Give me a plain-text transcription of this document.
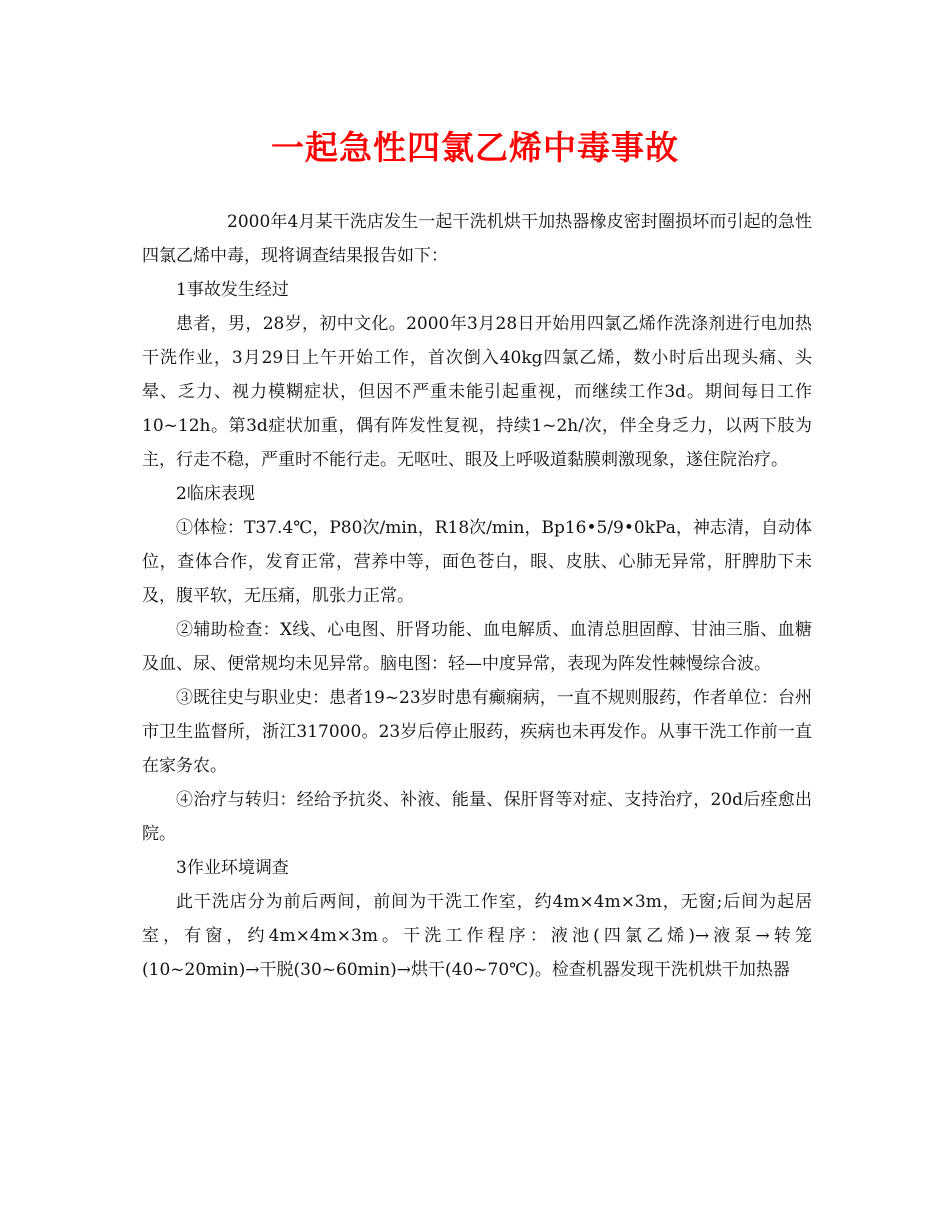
一起急性四氯乙烯中毒事故

2000年4月某干洗店发生一起干洗机烘干加热器橡皮密封圈损坏而引起的急性四氯乙烯中毒，现将调查结果报告如下：

1事故发生经过

患者，男，28岁，初中文化。2000年3月28日开始用四氯乙烯作洗涤剂进行电加热干洗作业，3月29日上午开始工作，首次倒入40kg四氯乙烯，数小时后出现头痛、头晕、乏力、视力模糊症状，但因不严重未能引起重视，而继续工作3d。期间每日工作10~12h。第3d症状加重，偶有阵发性复视，持续1~2h/次，伴全身乏力，以两下肢为主，行走不稳，严重时不能行走。无呕吐、眼及上呼吸道黏膜刺激现象，遂住院治疗。

2临床表现

①体检：T37.4℃，P80次/min，R18次/min，Bp16•5/9•0kPa，神志清，自动体位，查体合作，发育正常，营养中等，面色苍白，眼、皮肤、心肺无异常，肝脾肋下未及，腹平软，无压痛，肌张力正常。

②辅助检查：X线、心电图、肝肾功能、血电解质、血清总胆固醇、甘油三脂、血糖及血、尿、便常规均未见异常。脑电图：轻—中度异常，表现为阵发性棘慢综合波。

③既往史与职业史：患者19~23岁时患有癫痫病，一直不规则服药，作者单位：台州市卫生监督所，浙江317000。23岁后停止服药，疾病也未再发作。从事干洗工作前一直在家务农。

④治疗与转归：经给予抗炎、补液、能量、保肝肾等对症、支持治疗，20d后痊愈出院。

3作业环境调查

此干洗店分为前后两间，前间为干洗工作室，约4m×4m×3m，无窗;后间为起居室，有窗，约4m×4m×3m。干洗工作程序：液池(四氯乙烯)→液泵→转笼(10~20min)→干脱(30~60min)→烘干(40~70℃)。检查机器发现干洗机烘干加热器
